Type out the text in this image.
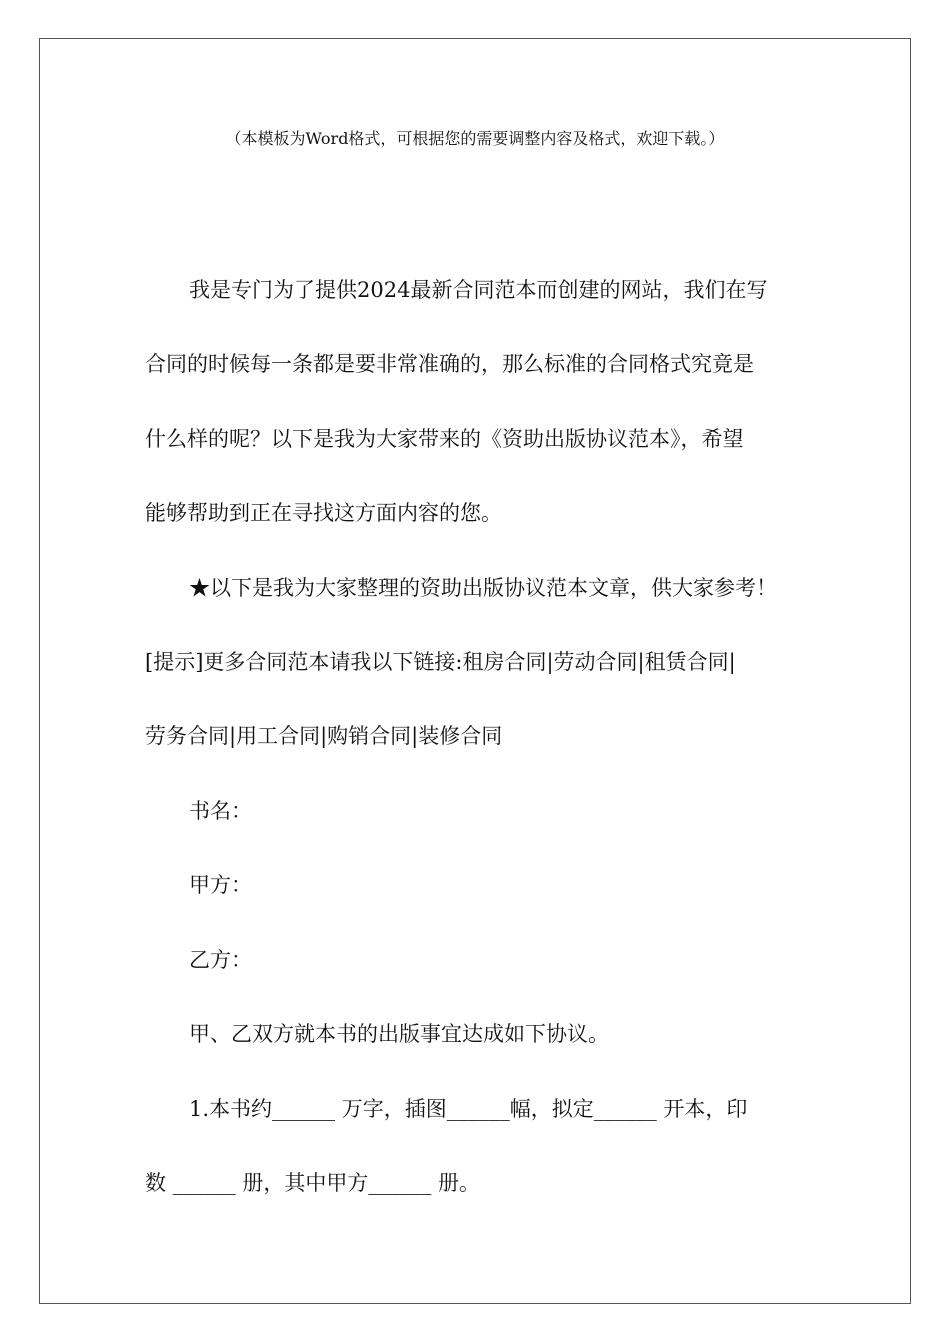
（本模板为Word格式，可根据您的需要调整内容及格式，欢迎下载。）
我是专门为了提供2024最新合同范本而创建的网站，我们在写
合同的时候每一条都是要非常准确的，那么标准的合同格式究竟是
什么样的呢？以下是我为大家带来的《资助出版协议范本》，希望
能够帮助到正在寻找这方面内容的您。
★以下是我为大家整理的资助出版协议范本文章，供大家参考！
[提示]更多合同范本请我以下链接:租房合同|劳动合同|租赁合同|
劳务合同|用工合同|购销合同|装修合同
书名：
甲方：
乙方：
甲、乙双方就本书的出版事宜达成如下协议。
1.本书约______ 万字，插图______幅，拟定______ 开本，印
数 ______ 册，其中甲方______ 册。
